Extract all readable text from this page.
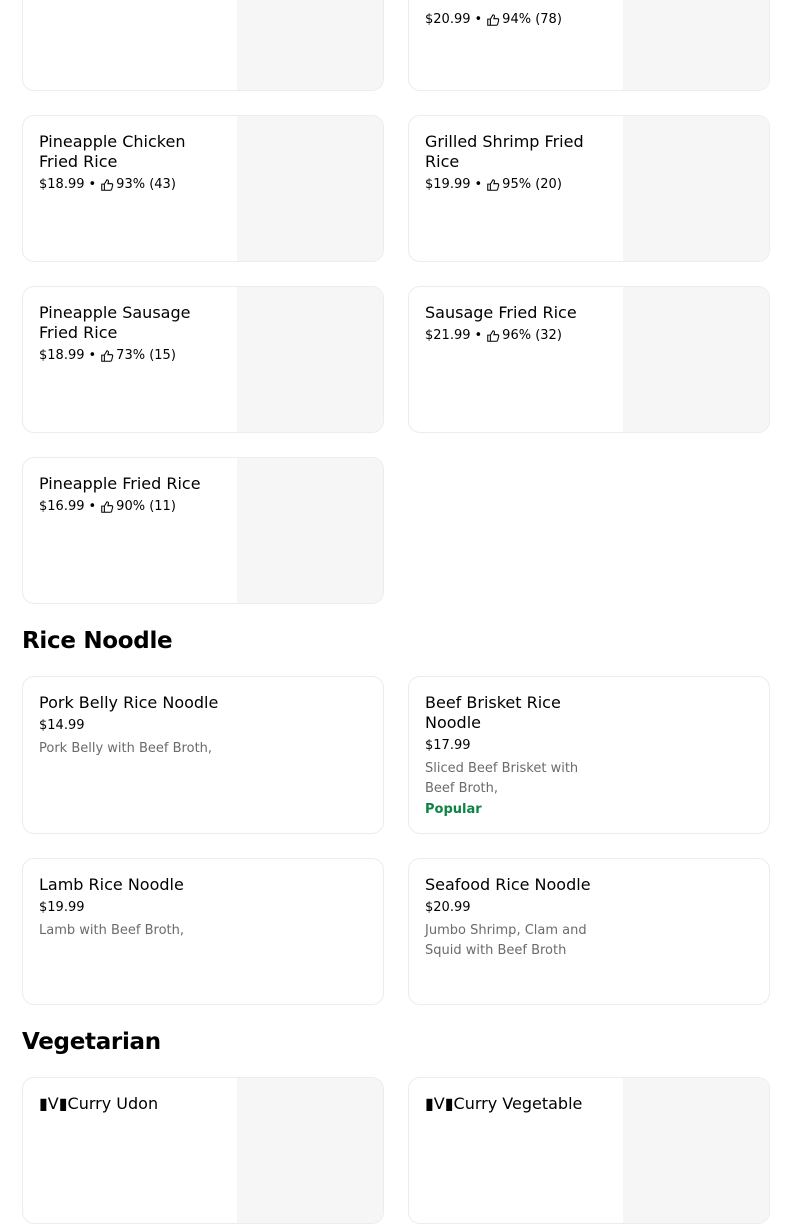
$20.99 • 94% (78)
Pineapple Chicken Fried Rice
$18.99 • 93% (43)
Grilled Shrimp Fried Rice
$19.99 • 95% (20)
Pineapple Sausage Fried Rice
$18.99 • 73% (15)
Sausage Fried Rice
$21.99 • 96% (32)
Pineapple Fried Rice
$16.99 • 90% (11)
Rice Noodle
Pork Belly Rice Noodle
$14.99
Pork Belly with Beef Broth,
Beef Brisket Rice Noodle
$17.99
Sliced Beef Brisket with Beef Broth,
Popular
Lamb Rice Noodle
$19.99
Lamb with Beef Broth,
Seafood Rice Noodle
$20.99
Jumbo Shrimp, Clam and Squid with Beef Broth
Vegetarian
▮V▮Curry Udon	▮V▮Curry Vegetable
